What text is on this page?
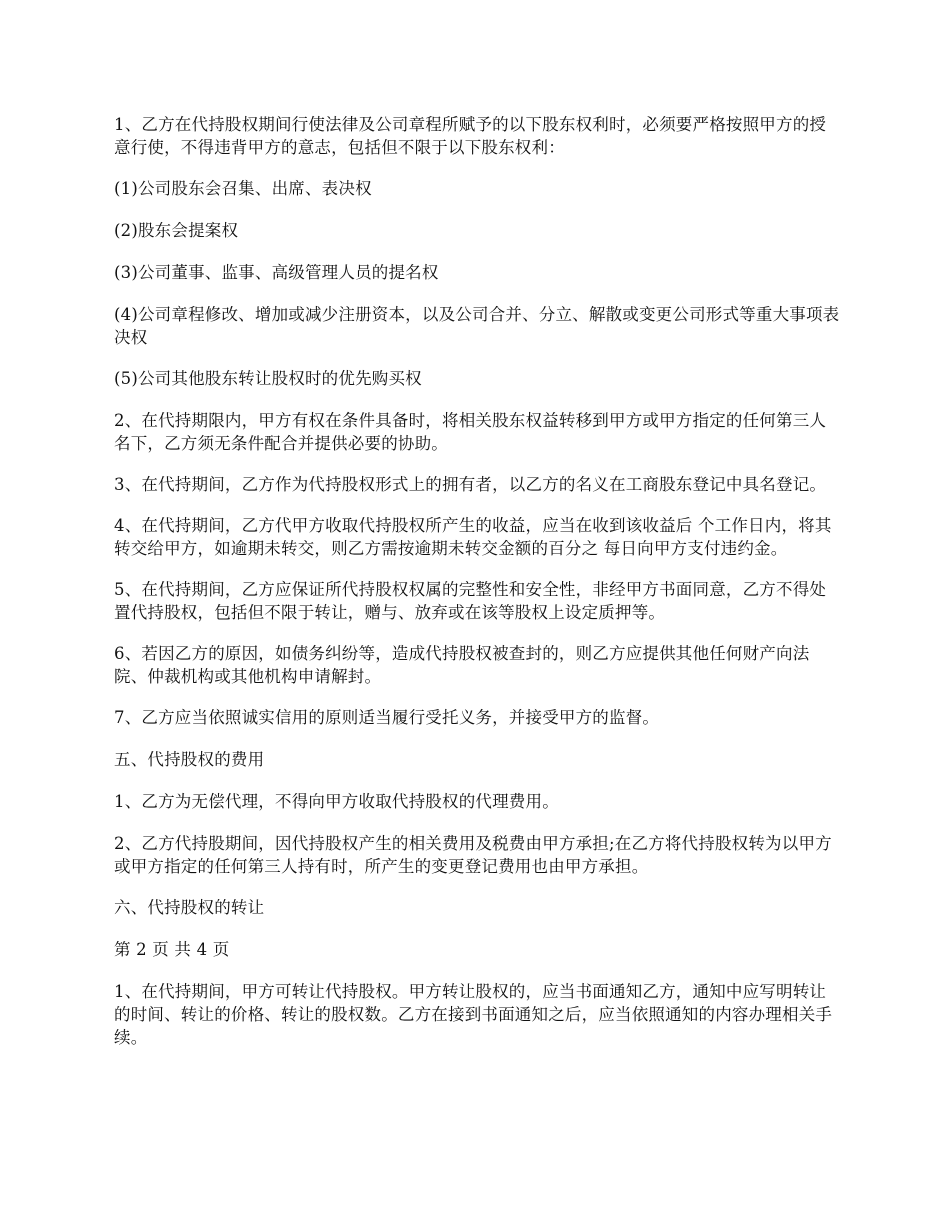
1、乙方在代持股权期间行使法律及公司章程所赋予的以下股东权利时，必须要严格按照甲方的授意行使，不得违背甲方的意志，包括但不限于以下股东权利：

(1)公司股东会召集、出席、表决权

(2)股东会提案权

(3)公司董事、监事、高级管理人员的提名权

(4)公司章程修改、增加或减少注册资本，以及公司合并、分立、解散或变更公司形式等重大事项表决权

(5)公司其他股东转让股权时的优先购买权

2、在代持期限内，甲方有权在条件具备时，将相关股东权益转移到甲方或甲方指定的任何第三人名下，乙方须无条件配合并提供必要的协助。

3、在代持期间，乙方作为代持股权形式上的拥有者，以乙方的名义在工商股东登记中具名登记。

4、在代持期间，乙方代甲方收取代持股权所产生的收益，应当在收到该收益后 个工作日内，将其转交给甲方，如逾期未转交，则乙方需按逾期未转交金额的百分之 每日向甲方支付违约金。

5、在代持期间，乙方应保证所代持股权权属的完整性和安全性，非经甲方书面同意，乙方不得处置代持股权，包括但不限于转让，赠与、放弃或在该等股权上设定质押等。

6、若因乙方的原因，如债务纠纷等，造成代持股权被查封的，则乙方应提供其他任何财产向法院、仲裁机构或其他机构申请解封。

7、乙方应当依照诚实信用的原则适当履行受托义务，并接受甲方的监督。

五、代持股权的费用

1、乙方为无偿代理，不得向甲方收取代持股权的代理费用。

2、乙方代持股期间，因代持股权产生的相关费用及税费由甲方承担;在乙方将代持股权转为以甲方或甲方指定的任何第三人持有时，所产生的变更登记费用也由甲方承担。

六、代持股权的转让

第 2 页 共 4 页

1、在代持期间，甲方可转让代持股权。甲方转让股权的，应当书面通知乙方，通知中应写明转让的时间、转让的价格、转让的股权数。乙方在接到书面通知之后，应当依照通知的内容办理相关手续。
